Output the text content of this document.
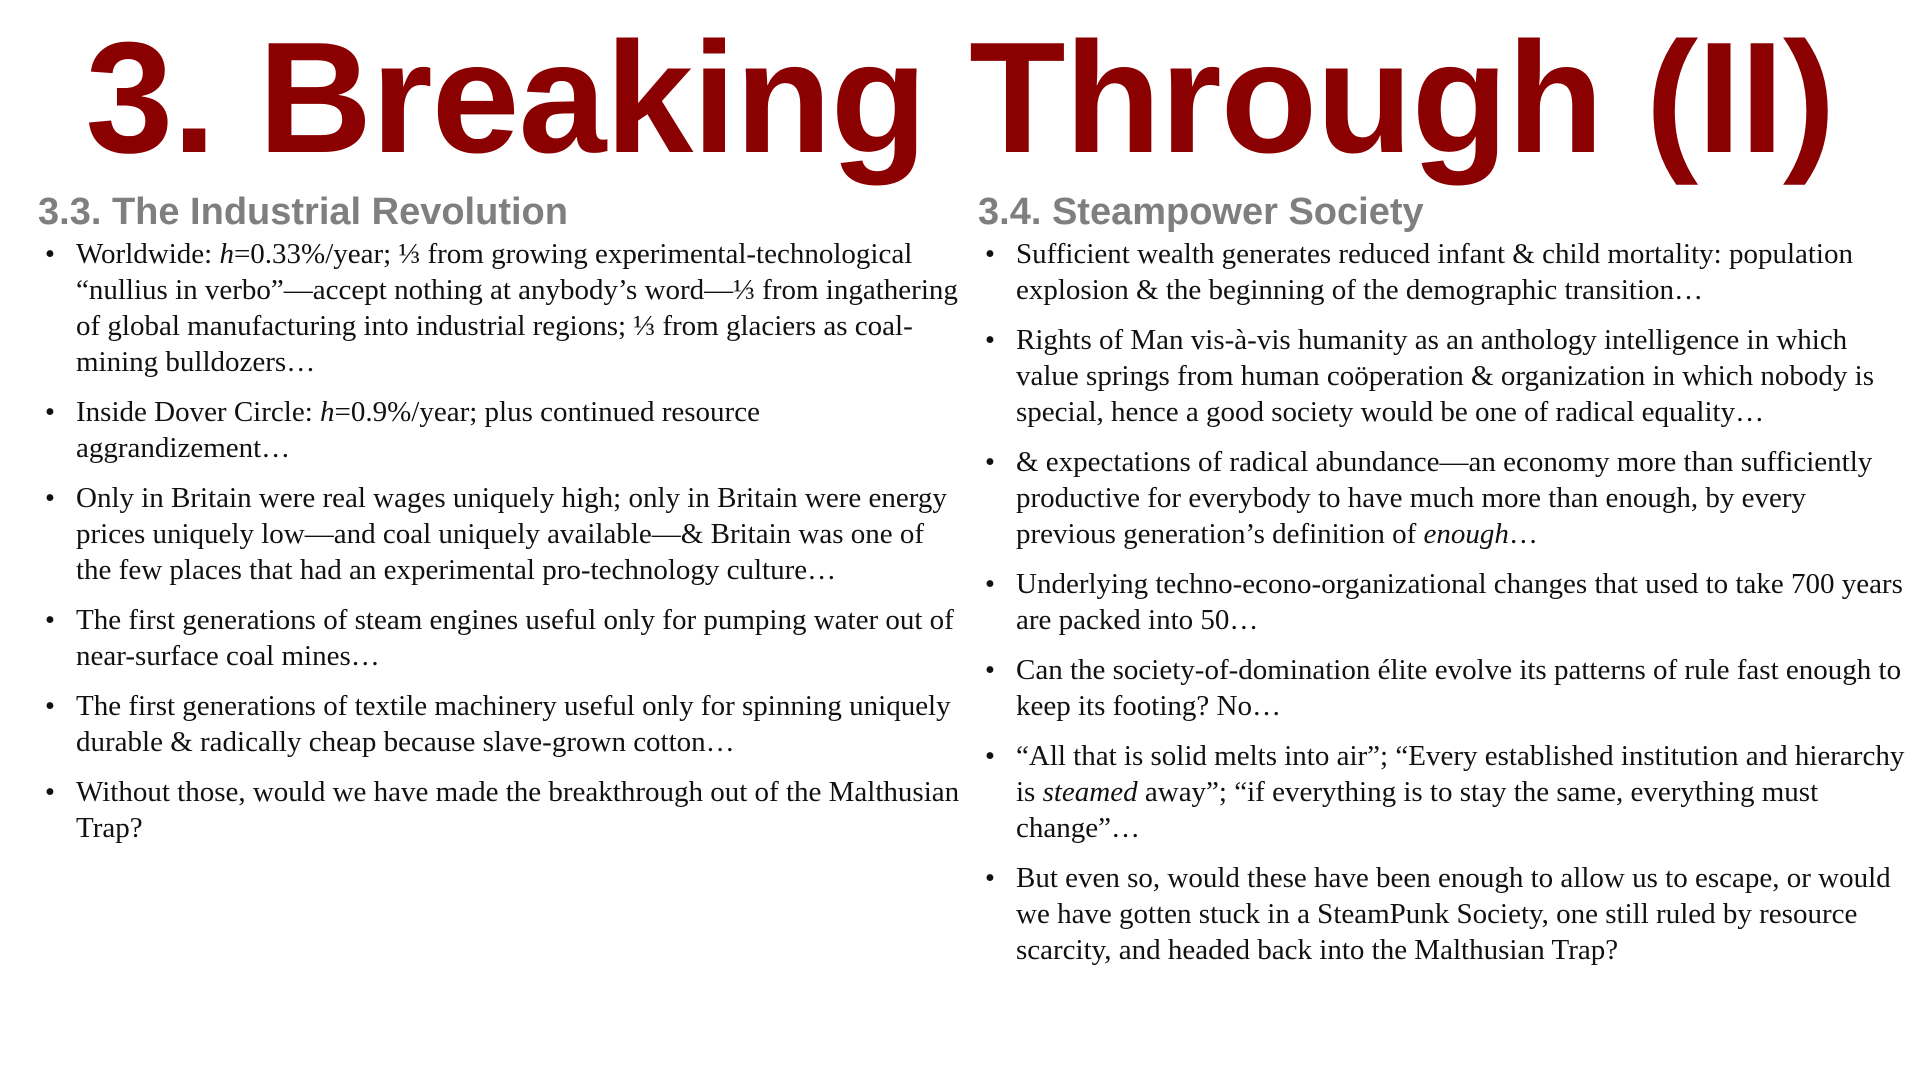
3. Breaking Through (II)
3.3. The Industrial Revolution
• Worldwide: h=0.33%/year; ⅓ from growing experimental-technological “nullius in verbo”—accept nothing at anybody’s word—⅓ from ingathering of global manufacturing into industrial regions; ⅓ from glaciers as coal-mining bulldozers…
• Inside Dover Circle: h=0.9%/year; plus continued resource aggrandizement…
• Only in Britain were real wages uniquely high; only in Britain were energy prices uniquely low—and coal uniquely available—& Britain was one of the few places that had an experimental pro-technology culture…
• The first generations of steam engines useful only for pumping water out of near-surface coal mines…
• The first generations of textile machinery useful only for spinning uniquely durable & radically cheap because slave-grown cotton…
• Without those, would we have made the breakthrough out of the Malthusian Trap?
3.4. Steampower Society
• Sufficient wealth generates reduced infant & child mortality: population explosion & the beginning of the demographic transition…
• Rights of Man vis-à-vis humanity as an anthology intelligence in which value springs from human coöperation & organization in which nobody is special, hence a good society would be one of radical equality…
• & expectations of radical abundance—an economy more than sufficiently productive for everybody to have much more than enough, by every previous generation’s definition of enough…
• Underlying techno-econo-organizational changes that used to take 700 years are packed into 50…
• Can the society-of-domination élite evolve its patterns of rule fast enough to keep its footing? No…
• “All that is solid melts into air”; “Every established institution and hierarchy is steamed away”; “if everything is to stay the same, everything must change”…
• But even so, would these have been enough to allow us to escape, or would we have gotten stuck in a SteamPunk Society, one still ruled by resource scarcity, and headed back into the Malthusian Trap?
